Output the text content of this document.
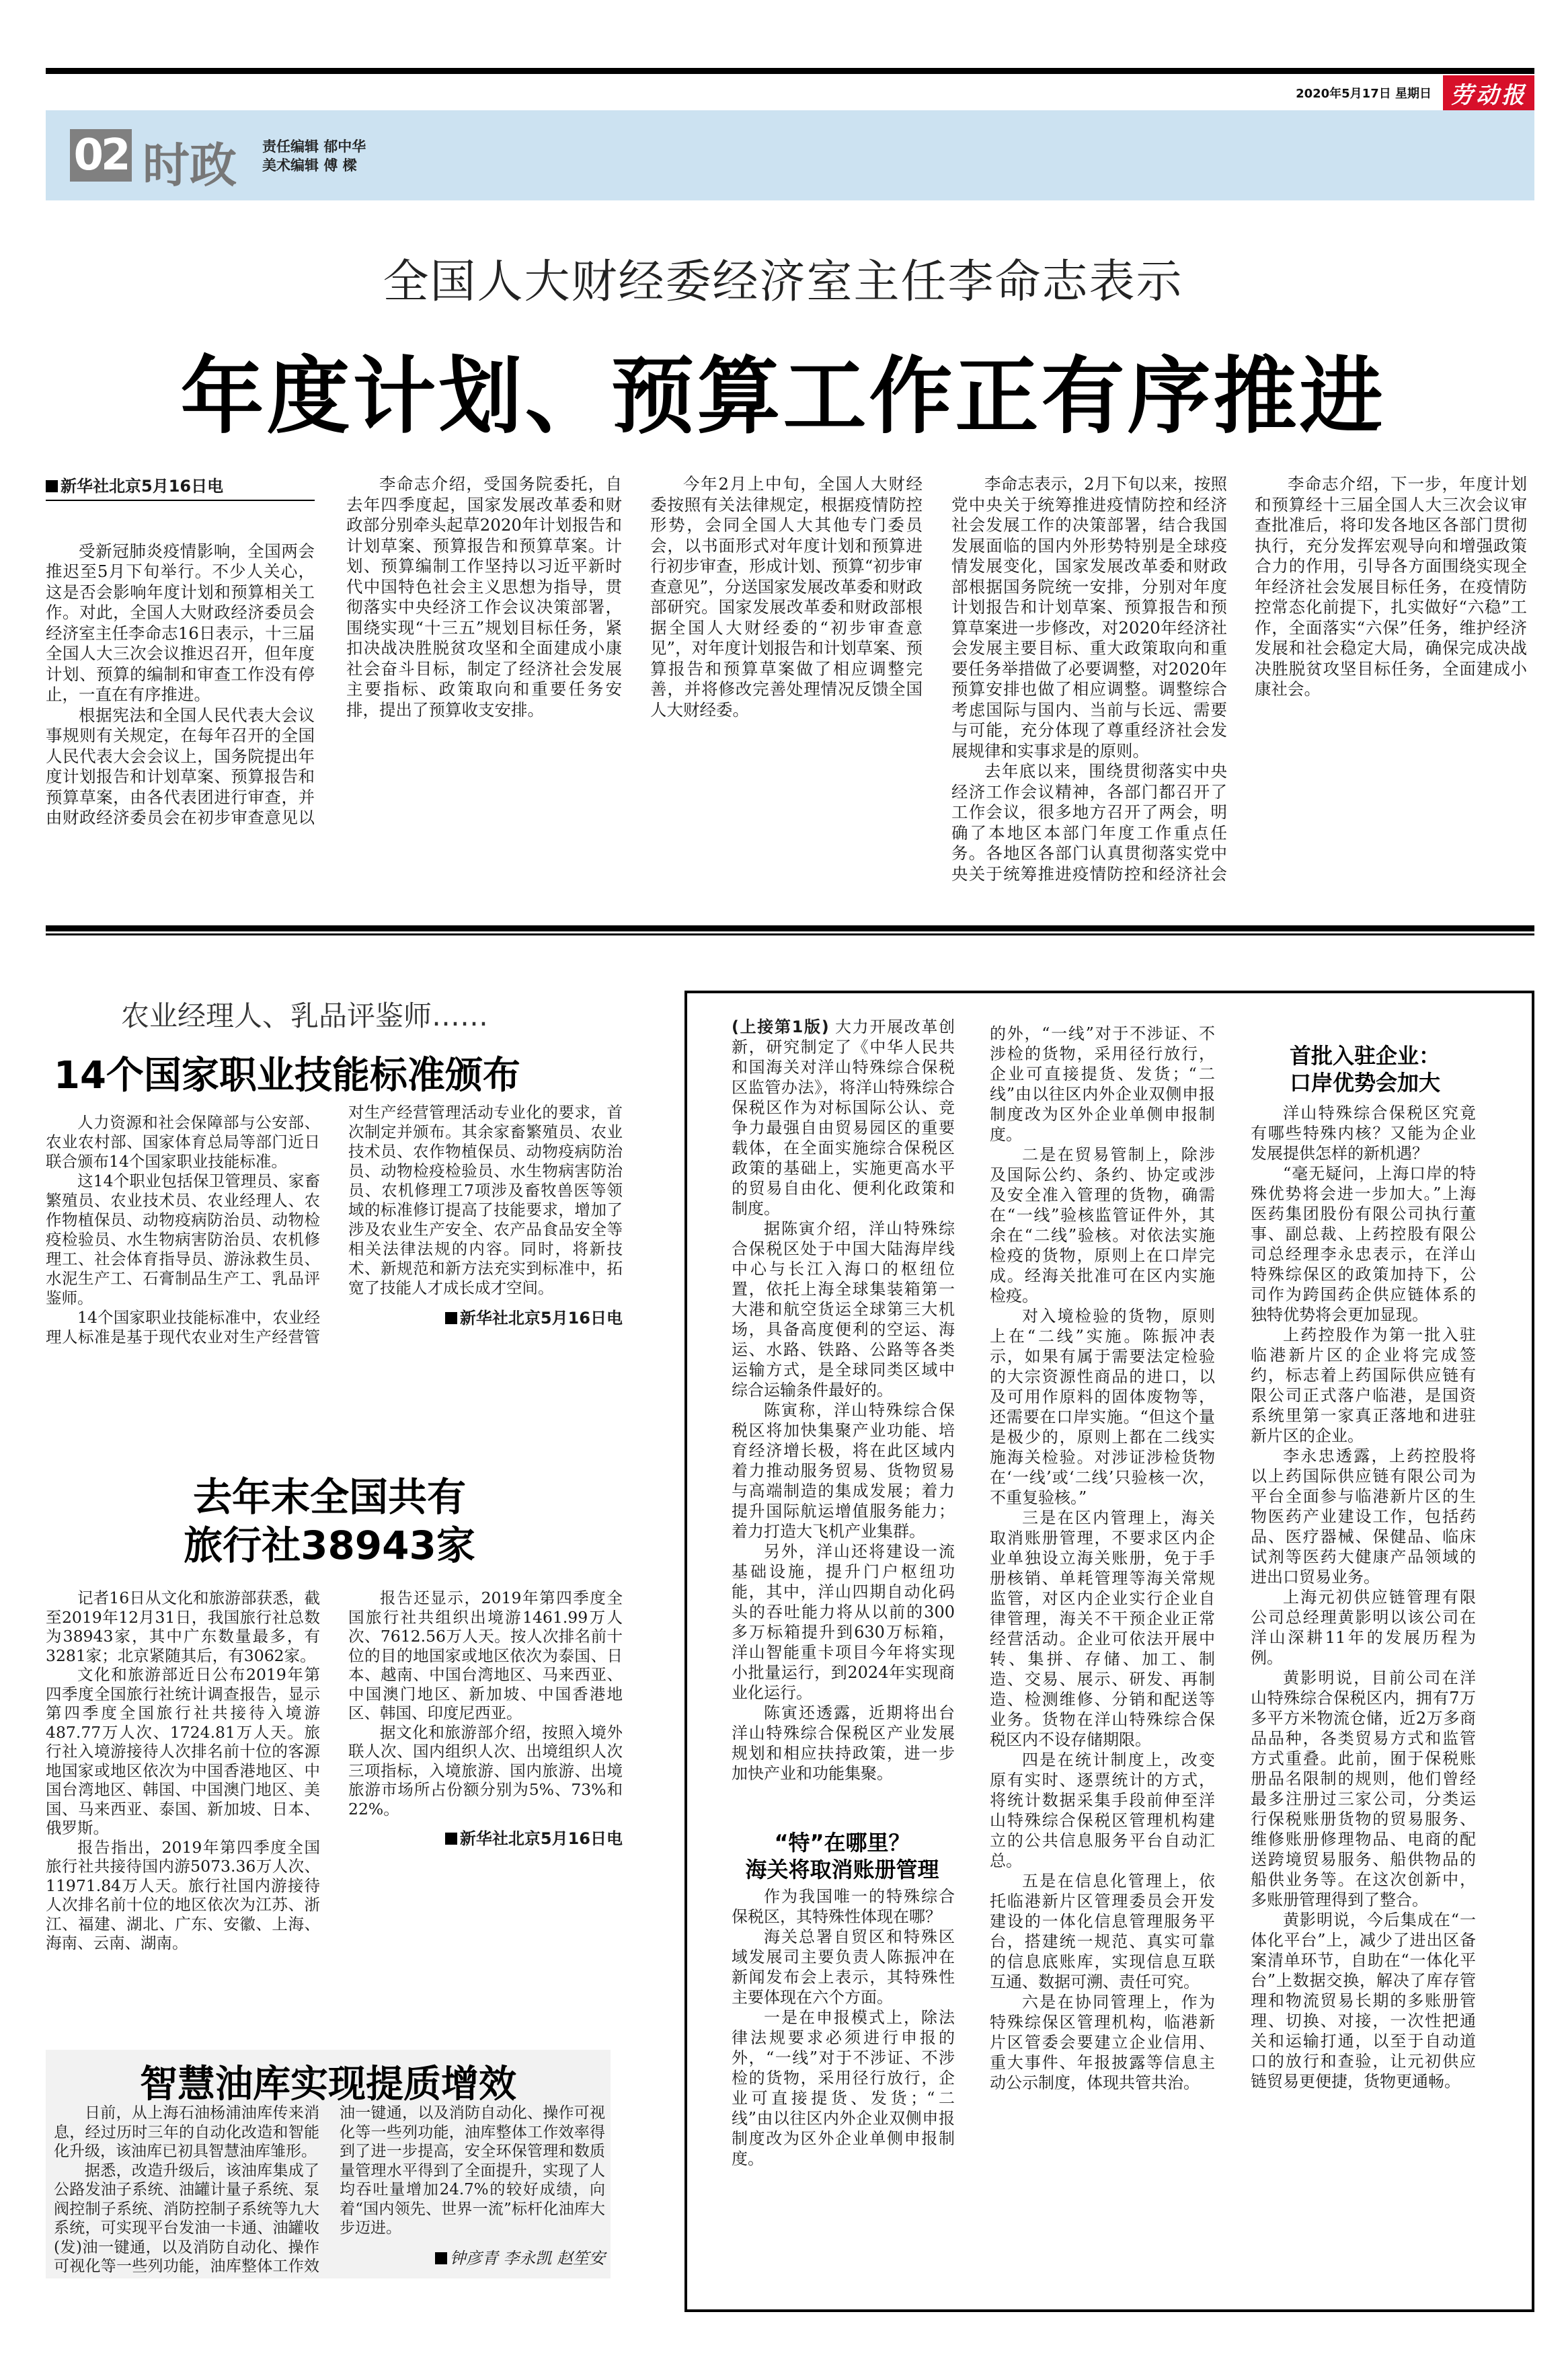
2020年5月17日 星期日 劳动报
02 时政 责任编辑 郁中华
美术编辑 傅 樑
全国人大财经委经济室主任李命志表示
年度计划、预算工作正有序推进
新华社北京5月16日电

受新冠肺炎疫情影响，全国两会推迟至5月下旬举行。不少人关心，这是否会影响年度计划和预算相关工作。对此，全国人大财政经济委员会经济室主任李命志16日表示，十三届全国人大三次会议推迟召开，但年度计划、预算的编制和审查工作没有停止，一直在有序推进。

根据宪法和全国人民代表大会议事规则有关规定，在每年召开的全国人民代表大会会议上，国务院提出年度计划报告和计划草案、预算报告和预算草案，由各代表团进行审查，并由财政经济委员会在初步审查意见以

李命志介绍，受国务院委托，自去年四季度起，国家发展改革委和财政部分别牵头起草2020年计划报告和计划草案、预算报告和预算草案。计划、预算编制工作坚持以习近平新时代中国特色社会主义思想为指导，贯彻落实中央经济工作会议决策部署，围绕实现“十三五”规划目标任务，紧扣决战决胜脱贫攻坚和全面建成小康社会奋斗目标，制定了经济社会发展主要指标、政策取向和重要任务安排，提出了预算收支安排。

今年2月上中旬，全国人大财经委按照有关法律规定，根据疫情防控形势，会同全国人大其他专门委员会，以书面形式对年度计划和预算进行初步审查，形成计划、预算“初步审查意见”，分送国家发展改革委和财政部研究。国家发展改革委和财政部根据全国人大财经委的“初步审查意见”，对年度计划报告和计划草案、预算报告和预算草案做了相应调整完善，并将修改完善处理情况反馈全国人大财经委。

李命志表示，2月下旬以来，按照党中央关于统筹推进疫情防控和经济社会发展工作的决策部署，结合我国发展面临的国内外形势特别是全球疫情发展变化，国家发展改革委和财政部根据国务院统一安排，分别对年度计划报告和计划草案、预算报告和预算草案进一步修改，对2020年经济社会发展主要目标、重大政策取向和重要任务举措做了必要调整，对2020年预算安排也做了相应调整。调整综合考虑国际与国内、当前与长远、需要与可能，充分体现了尊重经济社会发展规律和实事求是的原则。

去年底以来，围绕贯彻落实中央经济工作会议精神，各部门都召开了工作会议，很多地方召开了两会，明确了本地区本部门年度工作重点任务。各地区各部门认真贯彻落实党中央关于统筹推进疫情防控和经济社会

李命志介绍，下一步，年度计划和预算经十三届全国人大三次会议审查批准后，将印发各地区各部门贯彻执行，充分发挥宏观导向和增强政策合力的作用，引导各方面围绕实现全年经济社会发展目标任务，在疫情防控常态化前提下，扎实做好“六稳”工作，全面落实“六保”任务，维护经济发展和社会稳定大局，确保完成决战决胜脱贫攻坚目标任务，全面建成小康社会。

农业经理人、乳品评鉴师……
14个国家职业技能标准颁布

人力资源和社会保障部与公安部、农业农村部、国家体育总局等部门近日联合颁布14个国家职业技能标准。

这14个职业包括保卫管理员、家畜繁殖员、农业技术员、农业经理人、农作物植保员、动物疫病防治员、动物检疫检验员、水生物病害防治员、农机修理工、社会体育指导员、游泳救生员、水泥生产工、石膏制品生产工、乳品评鉴师。

14个国家职业技能标准中，农业经理人标准是基于现代农业对生产经营管

对生产经营管理活动专业化的要求，首次制定并颁布。其余家畜繁殖员、农业技术员、农作物植保员、动物疫病防治员、动物检疫检验员、水生物病害防治员、农机修理工7项涉及畜牧兽医等领域的标准修订提高了技能要求，增加了涉及农业生产安全、农产品食品安全等相关法律法规的内容。同时，将新技术、新规范和新方法充实到标准中，拓宽了技能人才成长成才空间。

新华社北京5月16日电
去年末全国共有
旅行社38943家

记者16日从文化和旅游部获悉，截至2019年12月31日，我国旅行社总数为38943家，其中广东数量最多，有3281家；北京紧随其后，有3062家。

文化和旅游部近日公布2019年第四季度全国旅行社统计调查报告，显示第四季度全国旅行社共接待入境游487.77万人次、1724.81万人天。旅行社入境游接待人次排名前十位的客源地国家或地区依次为中国香港地区、中国台湾地区、韩国、中国澳门地区、美国、马来西亚、泰国、新加坡、日本、俄罗斯。

报告指出，2019年第四季度全国旅行社共接待国内游5073.36万人次、11971.84万人天。旅行社国内游接待人次排名前十位的地区依次为江苏、浙江、福建、湖北、广东、安徽、上海、海南、云南、湖南。

报告还显示，2019年第四季度全国旅行社共组织出境游1461.99万人次、7612.56万人天。按人次排名前十位的目的地国家或地区依次为泰国、日本、越南、中国台湾地区、马来西亚、中国澳门地区、新加坡、中国香港地区、韩国、印度尼西亚。

据文化和旅游部介绍，按照入境外联人次、国内组织人次、出境组织人次三项指标，入境旅游、国内旅游、出境旅游市场所占份额分别为5%、73%和22%。

新华社北京5月16日电
智慧油库实现提质增效

日前，从上海石油杨浦油库传来消息，经过历时三年的自动化改造和智能化升级，该油库已初具智慧油库雏形。

据悉，改造升级后，该油库集成了公路发油子系统、油罐计量子系统、泵阀控制子系统、消防控制子系统等九大系统，可实现平台发油一卡通、油罐收(发)油一键通，以及消防自动化、操作可视化等一些列功能，油库整体工作效

油一键通，以及消防自动化、操作可视化等一些列功能，油库整体工作效率得到了进一步提高，安全环保管理和数质量管理水平得到了全面提升，实现了人均吞吐量增加24.7%的较好成绩，向着“国内领先、世界一流”标杆化油库大步迈进。

钟彦青 李永凯 赵笙安

(上接第1版) 大力开展改革创新，研究制定了《中华人民共和国海关对洋山特殊综合保税区监管办法》，将洋山特殊综合保税区作为对标国际公认、竞争力最强自由贸易园区的重要载体，在全面实施综合保税区政策的基础上，实施更高水平的贸易自由化、便利化政策和制度。

据陈寅介绍，洋山特殊综合保税区处于中国大陆海岸线中心与长江入海口的枢纽位置，依托上海全球集装箱第一大港和航空货运全球第三大机场，具备高度便利的空运、海运、水路、铁路、公路等各类运输方式，是全球同类区域中综合运输条件最好的。

陈寅称，洋山特殊综合保税区将加快集聚产业功能、培育经济增长极，将在此区域内着力推动服务贸易、货物贸易与高端制造的集成发展；着力提升国际航运增值服务能力；着力打造大飞机产业集群。

另外，洋山还将建设一流基础设施，提升门户枢纽功能，其中，洋山四期自动化码头的吞吐能力将从以前的300多万标箱提升到630万标箱，洋山智能重卡项目今年将实现小批量运行，到2024年实现商业化运行。

陈寅还透露，近期将出台洋山特殊综合保税区产业发展规划和相应扶持政策，进一步加快产业和功能集聚。

“特”在哪里？
海关将取消账册管理

作为我国唯一的特殊综合保税区，其特殊性体现在哪？

海关总署自贸区和特殊区域发展司主要负责人陈振冲在新闻发布会上表示，其特殊性主要体现在六个方面。

一是在申报模式上，除法律法规要求必须进行申报的外，“一线”对于不涉证、不涉检的货物，采用径行放行，企业可直接提货、发货；“二线”由以往区内外企业双侧申报制度改为区外企业单侧申报制度。

的外，“一线”对于不涉证、不涉检的货物，采用径行放行，企业可直接提货、发货；“二线”由以往区内外企业双侧申报制度改为区外企业单侧申报制度。

二是在贸易管制上，除涉及国际公约、条约、协定或涉及安全准入管理的货物，确需在“一线”验核监管证件外，其余在“二线”验核。对依法实施检疫的货物，原则上在口岸完成。经海关批准可在区内实施检疫。

对入境检验的货物，原则上在“二线”实施。陈振冲表示，如果有属于需要法定检验的大宗资源性商品的进口，以及可用作原料的固体废物等，还需要在口岸实施。“但这个量是极少的，原则上都在二线实施海关检验。对涉证涉检货物在‘一线’或‘二线’只验核一次，不重复验核。”

三是在区内管理上，海关取消账册管理，不要求区内企业单独设立海关账册，免于手册核销、单耗管理等海关常规监管，对区内企业实行企业自律管理，海关不干预企业正常经营活动。企业可依法开展中转、集拼、存储、加工、制造、交易、展示、研发、再制造、检测维修、分销和配送等业务。货物在洋山特殊综合保税区内不设存储期限。

四是在统计制度上，改变原有实时、逐票统计的方式，将统计数据采集手段前伸至洋山特殊综合保税区管理机构建立的公共信息服务平台自动汇总。

五是在信息化管理上，依托临港新片区管理委员会开发建设的一体化信息管理服务平台，搭建统一规范、真实可靠的信息底账库，实现信息互联互通、数据可溯、责任可究。

六是在协同管理上，作为特殊综保区管理机构，临港新片区管委会要建立企业信用、重大事件、年报披露等信息主动公示制度，体现共管共治。

首批入驻企业：
口岸优势会加大

洋山特殊综合保税区究竟有哪些特殊内核？又能为企业发展提供怎样的新机遇？

“毫无疑问，上海口岸的特殊优势将会进一步加大。”上海医药集团股份有限公司执行董事、副总裁、上药控股有限公司总经理李永忠表示，在洋山特殊综保区的政策加持下，公司作为跨国药企供应链体系的独特优势将会更加显现。

上药控股作为第一批入驻临港新片区的企业将完成签约，标志着上药国际供应链有限公司正式落户临港，是国资系统里第一家真正落地和进驻新片区的企业。

李永忠透露，上药控股将以上药国际供应链有限公司为平台全面参与临港新片区的生物医药产业建设工作，包括药品、医疗器械、保健品、临床试剂等医药大健康产品领域的进出口贸易业务。

上海元初供应链管理有限公司总经理黄影明以该公司在洋山深耕11年的发展历程为例。

黄影明说，目前公司在洋山特殊综合保税区内，拥有7万多平方米物流仓储，近2万多商品品种，各类贸易方式和监管方式重叠。此前，囿于保税账册品名限制的规则，他们曾经最多注册过三家公司，分类运行保税账册货物的贸易服务、维修账册修理物品、电商的配送跨境贸易服务、船供物品的船供业务等。在这次创新中，多账册管理得到了整合。

黄影明说，今后集成在“一体化平台”上，减少了进出区备案清单环节，自助在“一体化平台”上数据交换，解决了库存管理和物流贸易长期的多账册管理、切换、对接，一次性把通关和运输打通，以至于自动道口的放行和查验，让元初供应链贸易更便捷，货物更通畅。
